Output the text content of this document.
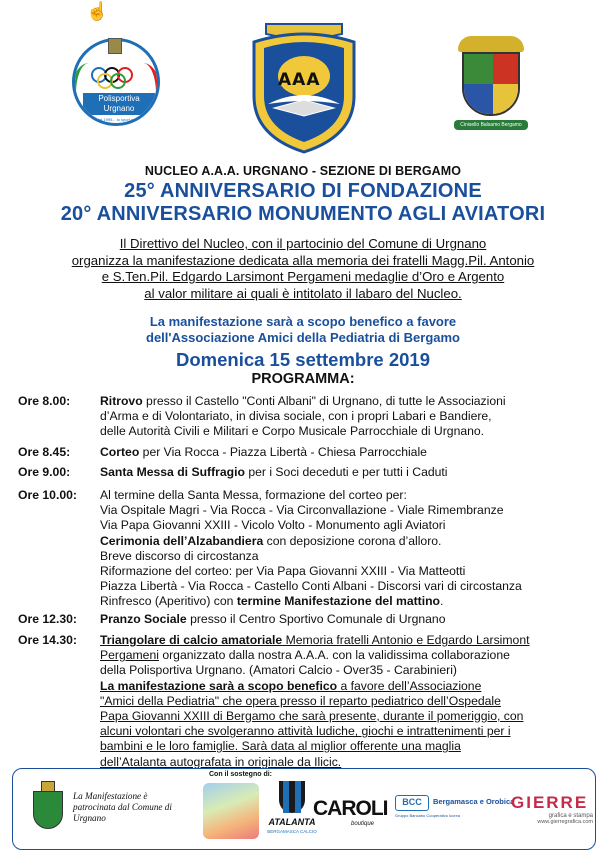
☝
Polisportiva Urgnano
...dal 1995... lo sport per tutti
AAA
Cinisello Balsamo Bergamo
NUCLEO A.A.A. URGNANO - SEZIONE DI BERGAMO
25° ANNIVERSARIO DI FONDAZIONE
20° ANNIVERSARIO MONUMENTO AGLI AVIATORI
Il Direttivo del Nucleo, con il partocinio del Comune di Urgnano
organizza la manifestazione dedicata alla memoria dei fratelli Magg.Pil. Antonio
e S.Ten.Pil. Edgardo Larsimont Pergameni medaglie d’Oro e Argento
al valor militare ai quali è intitolato il labaro del Nucleo.
La manifestazione sarà a scopo benefico a favore
dell'Associazione Amici della Pediatria di Bergamo
Domenica 15 settembre 2019
PROGRAMMA:
Ore 8.00:	Ritrovo presso il Castello "Conti Albani" di Urgnano, di tutte le Associazioni
d’Arma e di Volontariato, in divisa sociale, con i propri Labari e Bandiere,
delle Autorità Civili e Militari e Corpo Musicale Parrocchiale di Urgnano.
Ore 8.45:	Corteo per Via Rocca - Piazza Libertà - Chiesa Parrocchiale
Ore 9.00:	Santa Messa di Suffragio per i Soci deceduti e per tutti i Caduti
Ore 10.00:	Al termine della Santa Messa, formazione del corteo per:
Via Ospitale Magri - Via Rocca - Via Circonvallazione - Viale Rimembranze
Via Papa Giovanni XXIII - Vicolo Volto - Monumento agli Aviatori
Cerimonia dell’Alzabandiera con deposizione corona d’alloro.
Breve discorso di circostanza
Riformazione del corteo: per Via Papa Giovanni XXIII - Via Matteotti
Piazza Libertà - Via Rocca - Castello Conti Albani - Discorsi vari di circostanza
Rinfresco (Aperitivo) con termine Manifestazione del mattino.
Ore 12.30:	Pranzo Sociale presso il Centro Sportivo Comunale di Urgnano
Ore 14.30:	Triangolare di calcio amatoriale Memoria fratelli Antonio e Edgardo Larsimont
Pergameni organizzato dalla nostra A.A.A. con la validissima collaborazione
della Polisportiva Urgnano. (Amatori Calcio - Over35 - Carabinieri)
La manifestazione sarà a scopo benefico a favore dell’Associazione
"Amici della Pediatria" che opera presso il reparto pediatrico dell’Ospedale
Papa Giovanni XXIII di Bergamo che sarà presente, durante il pomeriggio, con
alcuni volontari che svolgeranno attività ludiche, giochi e intrattenimenti per i
bambini e le loro famiglie. Sarà data al miglior offerente una maglia
dell’Atalanta autografata in originale da Ilicic.
Con il sostegno di:
La Manifestazione è patrocinata dal Comune di Urgnano	ATALANTA
BERGAMASCA CALCIO
CAROLI
boutique
BCC	Bergamasca e Orobica
Gruppo Bancario Cooperativo Iccrea
GIERRE
grafica e stampa
www.gierregrafica.com
